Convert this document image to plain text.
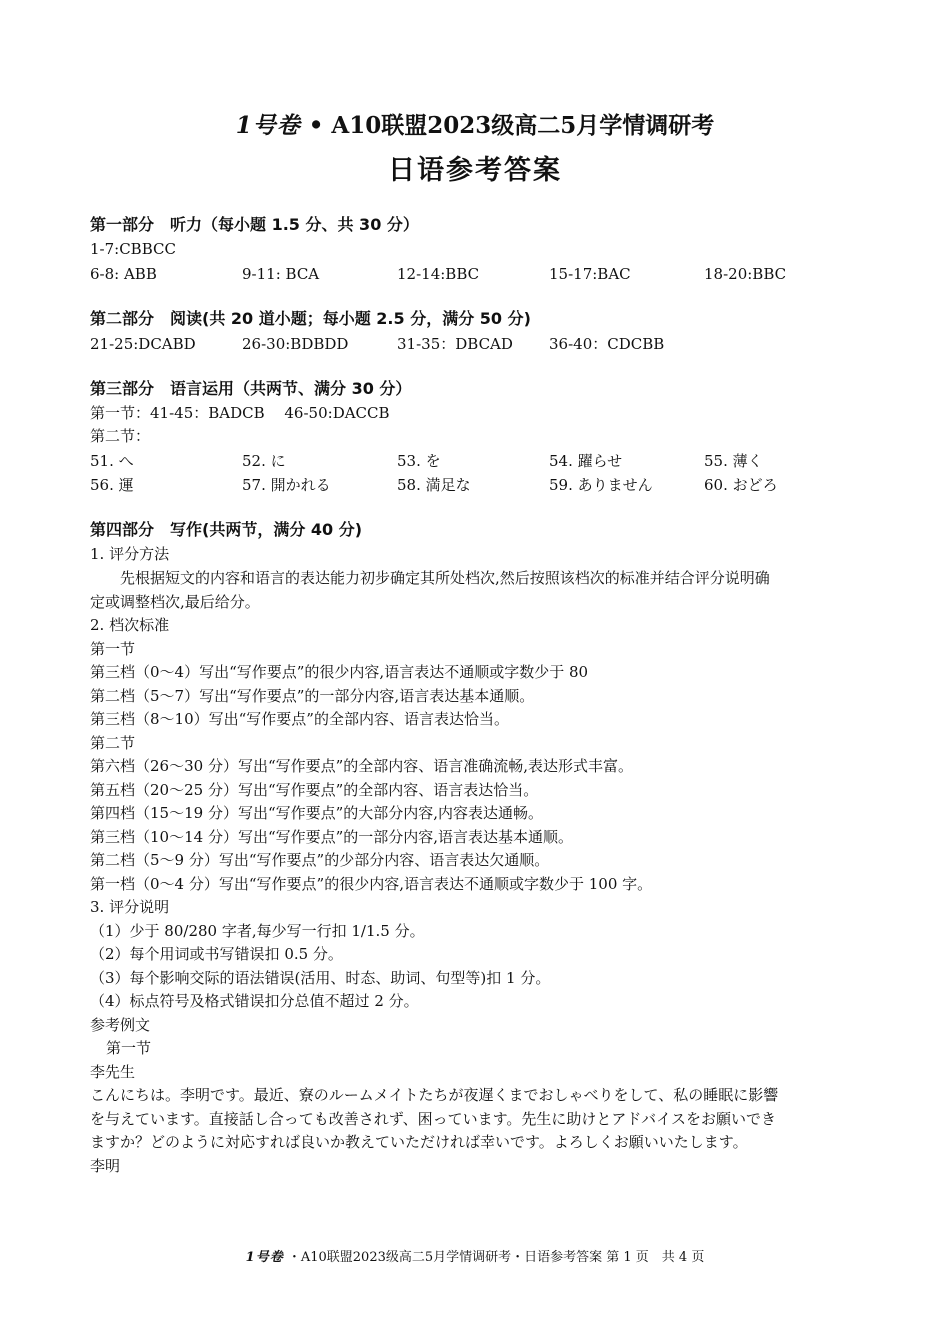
1号卷 • A10联盟2023级高二5月学情调研考
日语参考答案
第一部分　听力（每小题 1.5 分、共 30 分）
1-7:CBBCC
6-8: ABB	9-11: BCA	12-14:BBC	15-17:BAC	18-20:BBC
第二部分　阅读(共 20 道小题；每小题 2.5 分，满分 50 分)
21-25:DCABD	26-30:BDBDD	31-35：DBCAD	36-40：CDCBB
第三部分　语言运用（共两节、满分 30 分）
第一节：41-45：BADCB　 46-50:DACCB
第二节：
51. へ	52. に	53. を	54. 躍らせ	55. 薄く
56. 運	57. 開かれる	58. 満足な	59. ありません	60. おどろ
第四部分　写作(共两节，满分 40 分)
1. 评分方法
先根据短文的内容和语言的表达能力初步确定其所处档次,然后按照该档次的标准并结合评分说明确
定或调整档次,最后给分。
2. 档次标准
第一节
第三档（0～4）写出“写作要点”的很少内容,语言表达不通顺或字数少于 80
第二档（5～7）写出“写作要点”的一部分内容,语言表达基本通顺。
第三档（8～10）写出“写作要点”的全部内容、语言表达恰当。
第二节
第六档（26～30 分）写出“写作要点”的全部内容、语言准确流畅,表达形式丰富。
第五档（20～25 分）写出“写作要点”的全部内容、语言表达恰当。
第四档（15～19 分）写出“写作要点”的大部分内容,内容表达通畅。
第三档（10～14 分）写出“写作要点”的一部分内容,语言表达基本通顺。
第二档（5～9 分）写出“写作要点”的少部分内容、语言表达欠通顺。
第一档（0～4 分）写出“写作要点”的很少内容,语言表达不通顺或字数少于 100 字。
3. 评分说明
（1）少于 80/280 字者,每少写一行扣 1/1.5 分。
（2）每个用词或书写错误扣 0.5 分。
（3）每个影响交际的语法错误(活用、时态、助词、句型等)扣 1 分。
（4）标点符号及格式错误扣分总值不超过 2 分。
参考例文
第一节
李先生
こんにちは。李明です。最近、寮のルームメイトたちが夜遅くまでおしゃべりをして、私の睡眠に影響
を与えています。直接話し合っても改善されず、困っています。先生に助けとアドバイスをお願いでき
ますか？どのように対応すれば良いか教えていただければ幸いです。よろしくお願いいたします。
李明
1号卷 ・A10联盟2023级高二5月学情调研考・日语参考答案 第 1 页　共 4 页
